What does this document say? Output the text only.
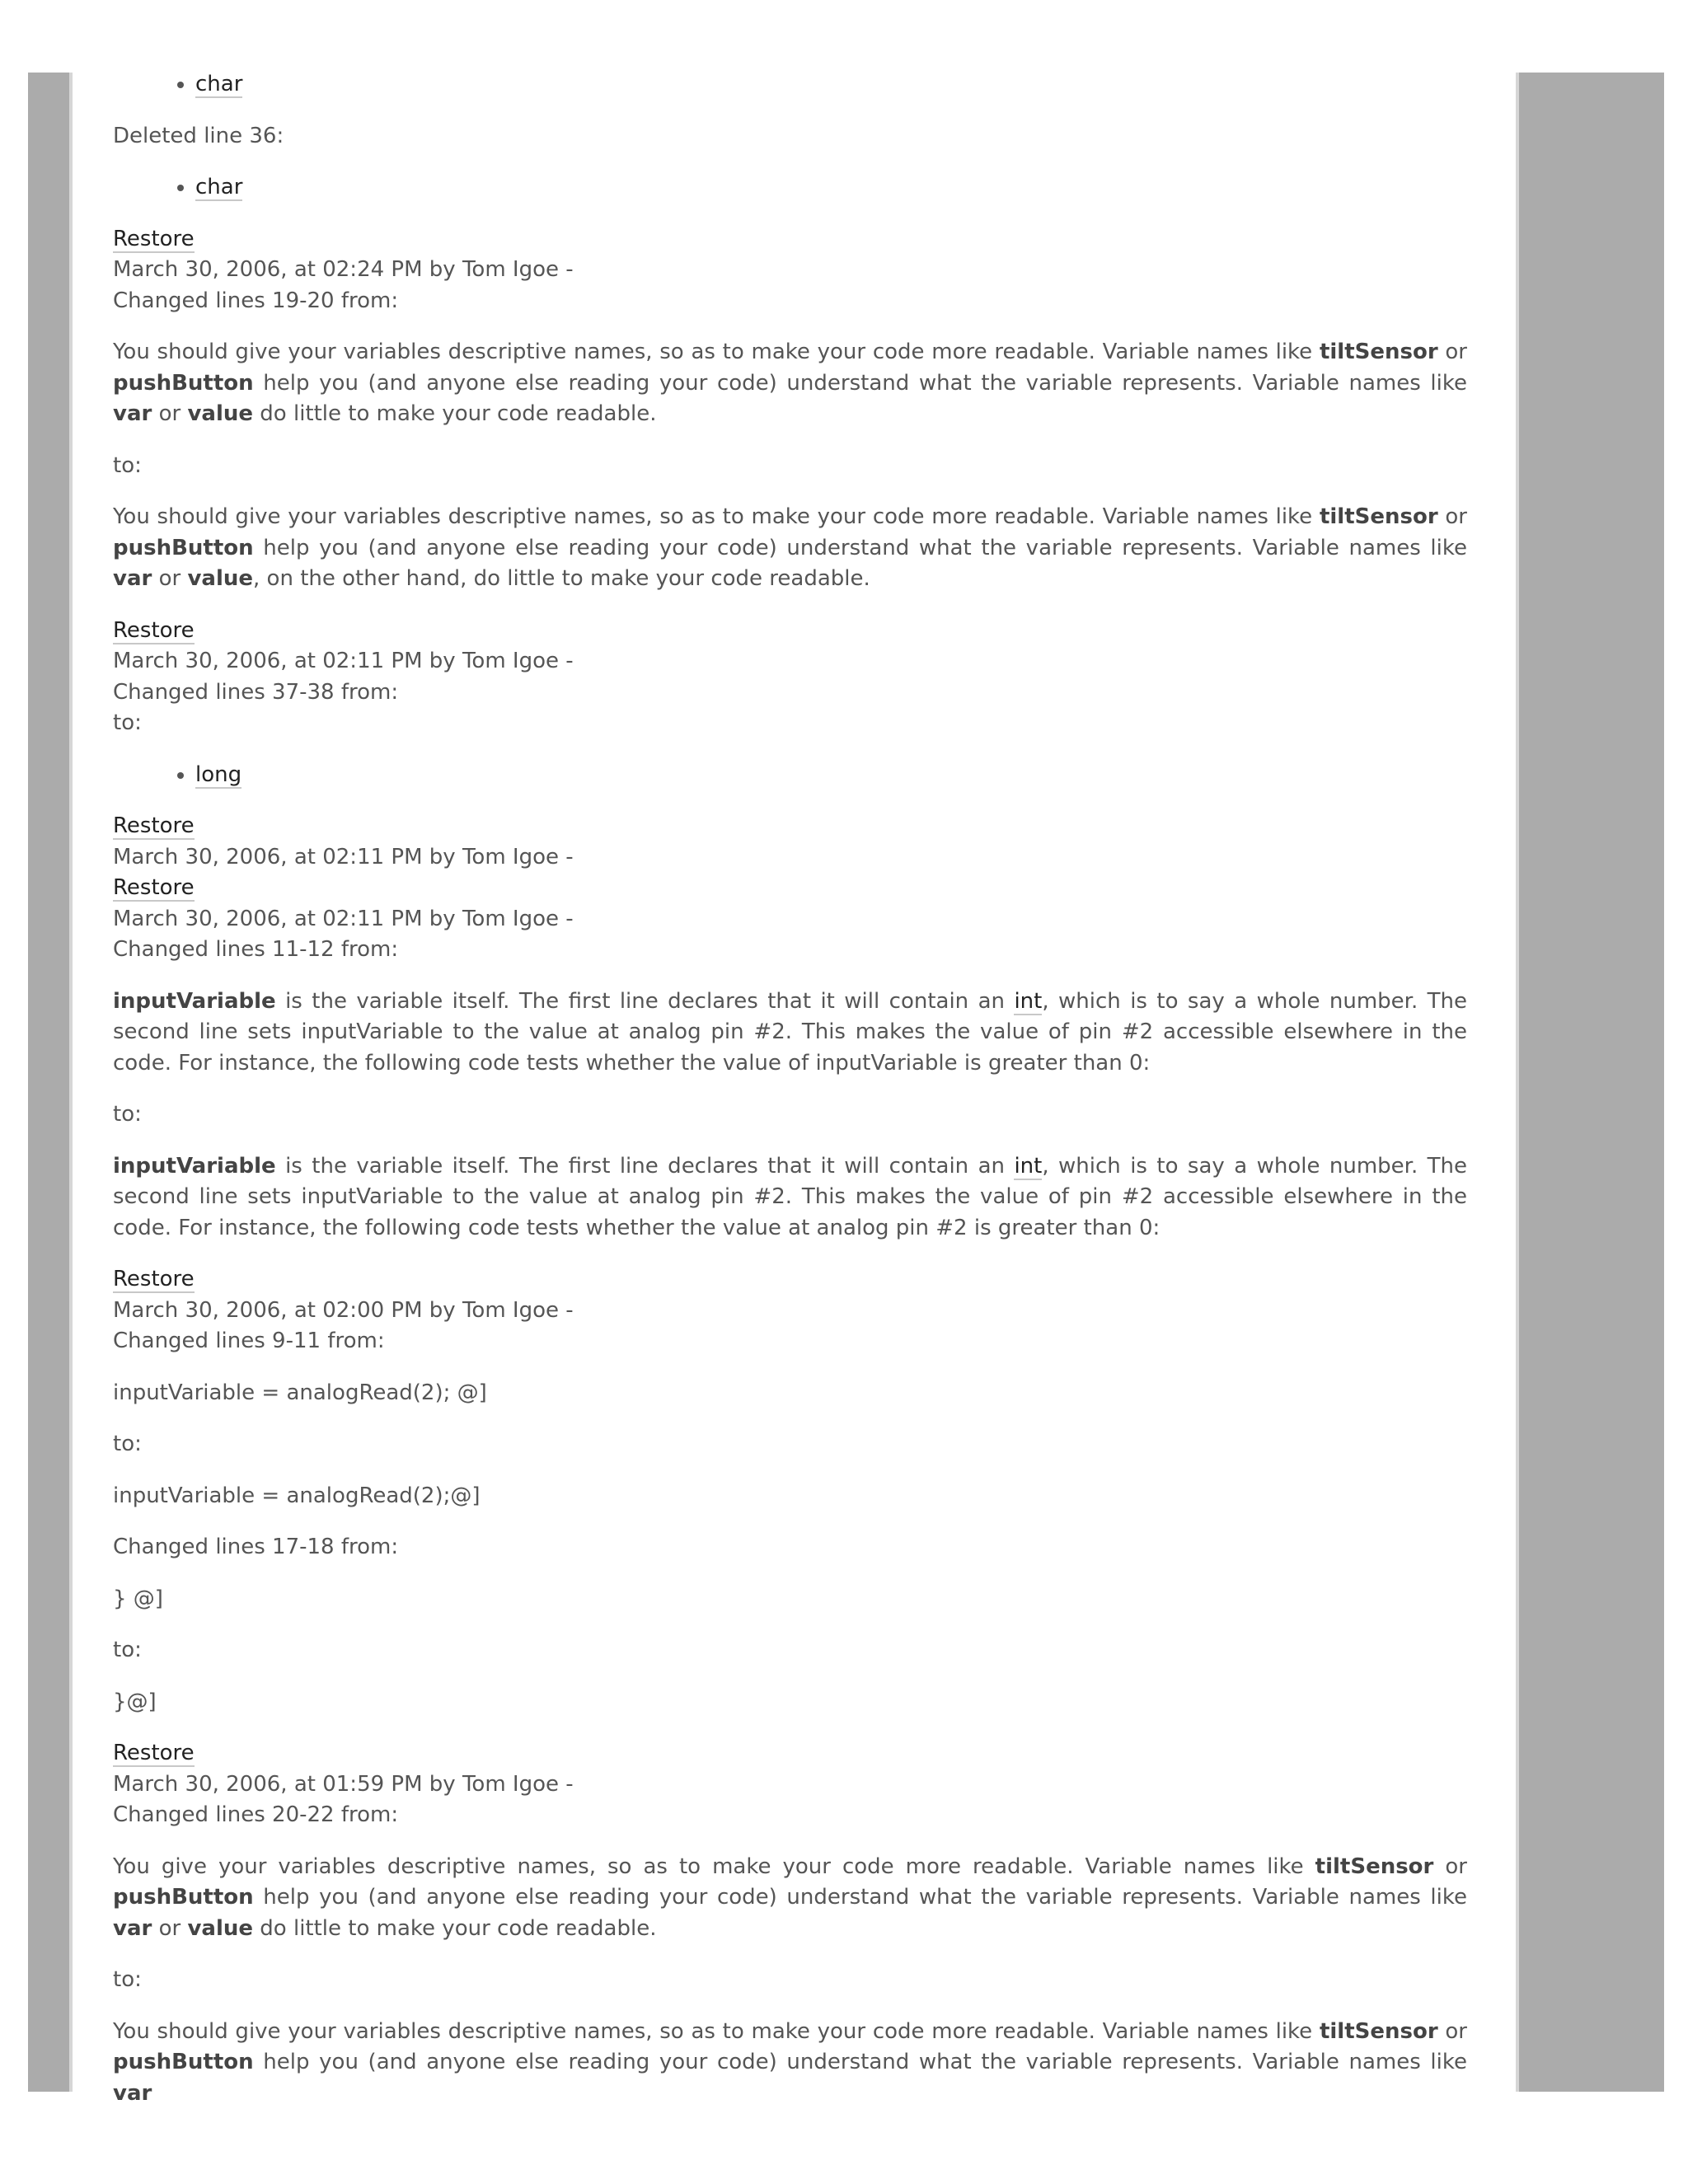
• char

Deleted line 36:

• char
Restore
March 30, 2006, at 02:24 PM by Tom Igoe -
Changed lines 19-20 from:

You should give your variables descriptive names, so as to make your code more readable. Variable names like tiltSensor or pushButton help you (and anyone else reading your code) understand what the variable represents. Variable names like var or value do little to make your code readable.

to:

You should give your variables descriptive names, so as to make your code more readable. Variable names like tiltSensor or pushButton help you (and anyone else reading your code) understand what the variable represents. Variable names like var or value, on the other hand, do little to make your code readable.

Restore
March 30, 2006, at 02:11 PM by Tom Igoe -
Changed lines 37-38 from:
to:
• long
Restore
March 30, 2006, at 02:11 PM by Tom Igoe -
Restore
March 30, 2006, at 02:11 PM by Tom Igoe -
Changed lines 11-12 from:

inputVariable is the variable itself. The first line declares that it will contain an int, which is to say a whole number. The second line sets inputVariable to the value at analog pin #2. This makes the value of pin #2 accessible elsewhere in the code. For instance, the following code tests whether the value of inputVariable is greater than 0:

to:

inputVariable is the variable itself. The first line declares that it will contain an int, which is to say a whole number. The second line sets inputVariable to the value at analog pin #2. This makes the value of pin #2 accessible elsewhere in the code. For instance, the following code tests whether the value at analog pin #2 is greater than 0:

Restore
March 30, 2006, at 02:00 PM by Tom Igoe -
Changed lines 9-11 from:

inputVariable = analogRead(2); @]

to:

inputVariable = analogRead(2);@]

Changed lines 17-18 from:

} @]

to:

}@]

Restore
March 30, 2006, at 01:59 PM by Tom Igoe -
Changed lines 20-22 from:

You give your variables descriptive names, so as to make your code more readable. Variable names like tiltSensor or pushButton help you (and anyone else reading your code) understand what the variable represents. Variable names like var or value do little to make your code readable.

to:

You should give your variables descriptive names, so as to make your code more readable. Variable names like tiltSensor or pushButton help you (and anyone else reading your code) understand what the variable represents. Variable names like var
